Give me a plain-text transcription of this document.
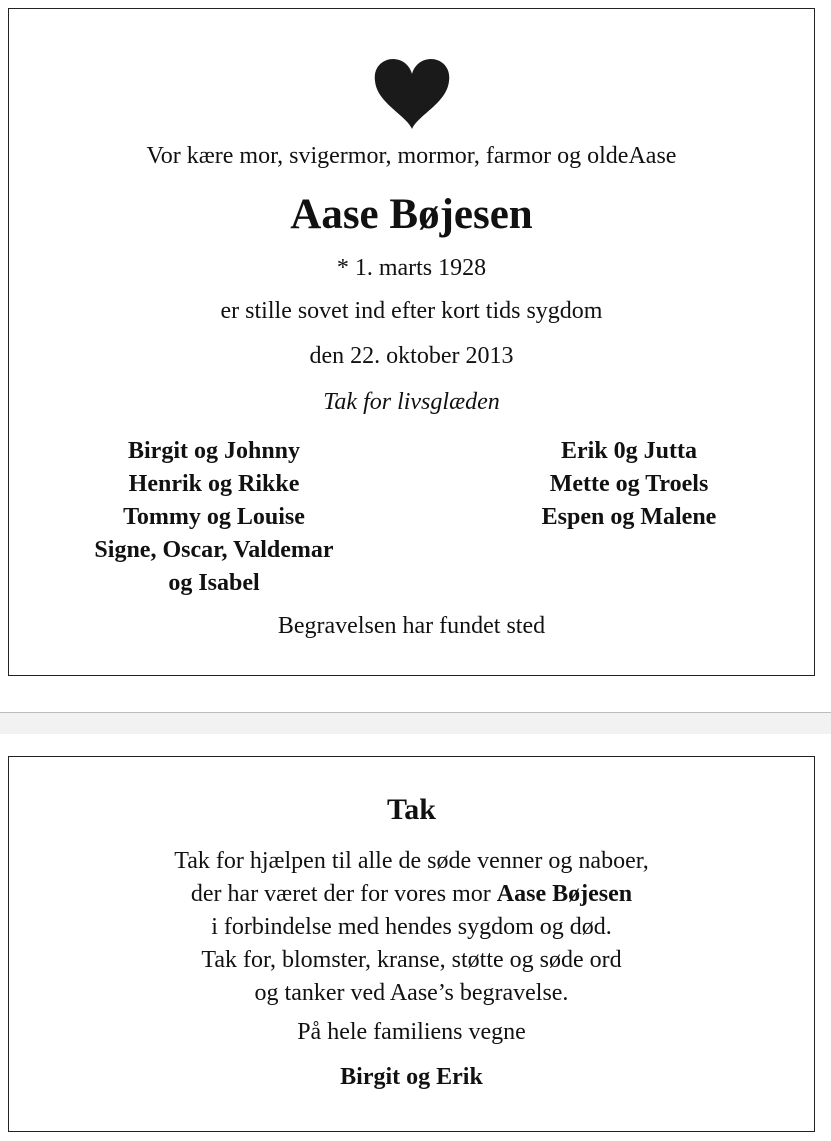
Vor kære mor, svigermor, mormor, farmor og oldeAase
Aase Bøjesen
* 1. marts 1928
er stille sovet ind efter kort tids sygdom
den 22. oktober 2013
Tak for livsglæden
Birgit og Johnny
Henrik og Rikke
Tommy og Louise
Signe, Oscar, Valdemar
og Isabel
Erik 0g Jutta
Mette og Troels
Espen og Malene
Begravelsen har fundet sted
Tak
Tak for hjælpen til alle de søde venner og naboer,
der har været der for vores mor Aase Bøjesen
i forbindelse med hendes sygdom og død.
Tak for, blomster, kranse, støtte og søde ord
og tanker ved Aase’s begravelse.
På hele familiens vegne
Birgit og Erik
